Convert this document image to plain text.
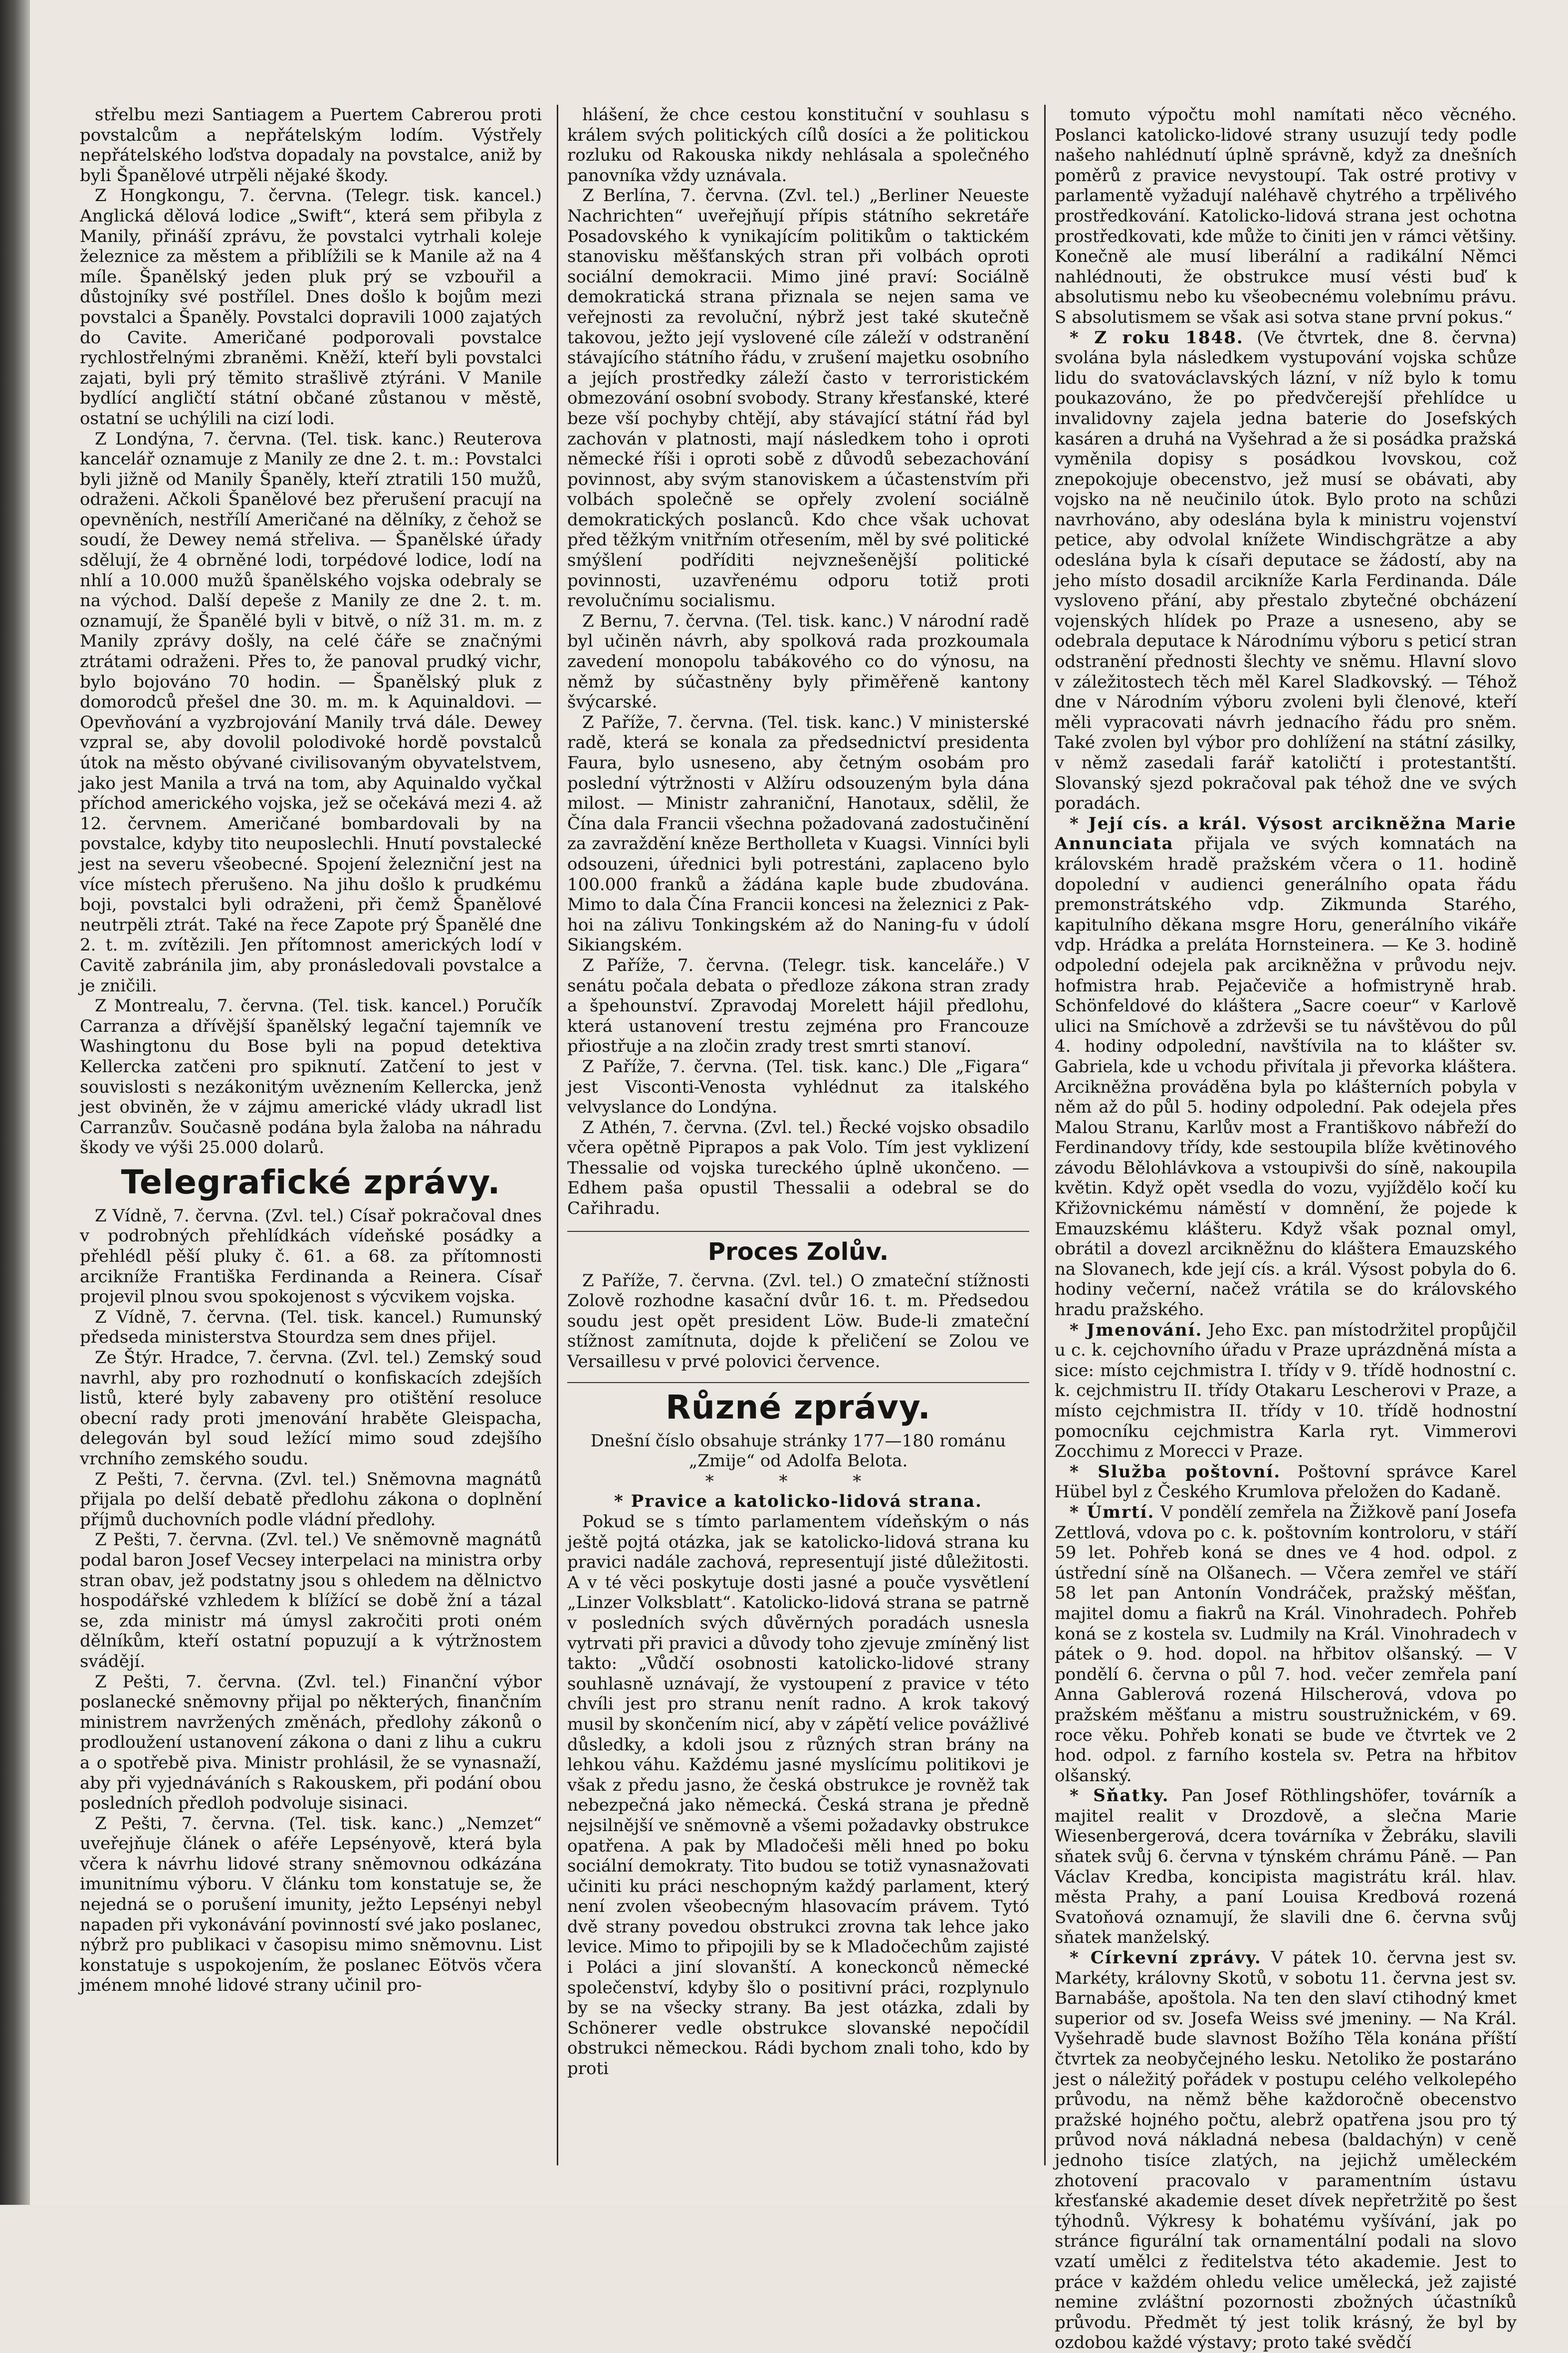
střelbu mezi Santiagem a Puertem Cabrerou proti povstalcům a nepřátelským lodím. Výstřely nepřátelského loďstva dopadaly na povstalce, aniž by byli Španělové utrpěli nějaké škody.

Z Hongkongu, 7. června. (Telegr. tisk. kancel.) Anglická dělová lodice „Swift“, která sem přibyla z Manily, přináší zprávu, že povstalci vytrhali koleje železnice za městem a přiblížili se k Manile až na 4 míle. Španělský jeden pluk prý se vzbouřil a důstojníky své postřílel. Dnes došlo k bojům mezi povstalci a Španěly. Povstalci dopravili 1000 zajatých do Cavite. Američané podporovali povstalce rychlostřelnými zbraněmi. Kněží, kteří byli povstalci zajati, byli prý těmito strašlivě ztýráni. V Manile bydlící angličtí státní občané zůstanou v městě, ostatní se uchýlili na cizí lodi.

Z Londýna, 7. června. (Tel. tisk. kanc.) Reuterova kancelář oznamuje z Manily ze dne 2. t. m.: Povstalci byli jižně od Manily Španěly, kteří ztratili 150 mužů, odraženi. Ačkoli Španělové bez přerušení pracují na opevněních, nestřílí Američané na dělníky, z čehož se soudí, že Dewey nemá střeliva. — Španělské úřady sdělují, že 4 obrněné lodi, torpédové lodice, lodí na nhlí a 10.000 mužů španělského vojska odebraly se na východ. Další depeše z Manily ze dne 2. t. m. oznamují, že Španělé byli v bitvě, o níž 31. m. m. z Manily zprávy došly, na celé čáře se značnými ztrátami odraženi. Přes to, že panoval prudký vichr, bylo bojováno 70 hodin. — Španělský pluk z domorodců přešel dne 30. m. m. k Aquinaldovi. — Opevňování a vyzbrojování Manily trvá dále. Dewey vzpral se, aby dovolil polodivoké hordě povstalců útok na město obývané civilisovaným obyvatelstvem, jako jest Manila a trvá na tom, aby Aquinaldo vyčkal příchod amerického vojska, jež se očekává mezi 4. až 12. červnem. Američané bombardovali by na povstalce, kdyby tito neuposlechli. Hnutí povstalecké jest na severu všeobecné. Spojení železniční jest na více místech přerušeno. Na jihu došlo k prudkému boji, povstalci byli odraženi, při čemž Španělové neutrpěli ztrát. Také na řece Zapote prý Španělé dne 2. t. m. zvítězili. Jen přítomnost amerických lodí v Cavitě zabránila jim, aby pronásledovali povstalce a je zničili.

Z Montrealu, 7. června. (Tel. tisk. kancel.) Poručík Carranza a dřívější španělský legační tajemník ve Washingtonu du Bose byli na popud detektiva Kellercka zatčeni pro spiknutí. Zatčení to jest v souvislosti s nezákonitým uvěznením Kellercka, jenž jest obviněn, že v zájmu americké vlády ukradl list Carranzův. Současně podána byla žaloba na náhradu škody ve výši 25.000 dolarů.

Telegrafické zprávy.

Z Vídně, 7. června. (Zvl. tel.) Císař pokračoval dnes v podrobných přehlídkách vídeňské posádky a přehlédl pěší pluky č. 61. a 68. za přítomnosti arcikníže Františka Ferdinanda a Reinera. Císař projevil plnou svou spokojenost s výcvikem vojska.

Z Vídně, 7. června. (Tel. tisk. kancel.) Rumunský předseda ministerstva Stourdza sem dnes přijel.

Ze Štýr. Hradce, 7. června. (Zvl. tel.) Zemský soud navrhl, aby pro rozhodnutí o konfiskacích zdejších listů, které byly zabaveny pro otištění resoluce obecní rady proti jmenování hraběte Gleispacha, delegován byl soud ležící mimo soud zdejšího vrchního zemského soudu.

Z Pešti, 7. června. (Zvl. tel.) Sněmovna magnátů přijala po delší debatě předlohu zákona o doplnění příjmů duchovních podle vládní předlohy.

Z Pešti, 7. června. (Zvl. tel.) Ve sněmovně magnátů podal baron Josef Vecsey interpelaci na ministra orby stran obav, jež podstatny jsou s ohledem na dělnictvo hospodářské vzhledem k blížící se době žní a tázal se, zda ministr má úmysl zakročiti proti oném dělníkům, kteří ostatní popuzují a k výtržnostem svádějí.

Z Pešti, 7. června. (Zvl. tel.) Finanční výbor poslanecké sněmovny přijal po některých, finančním ministrem navržených změnách, předlohy zákonů o prodloužení ustanovení zákona o dani z lihu a cukru a o spotřebě piva. Ministr prohlásil, že se vynasnaží, aby při vyjednáváních s Rakouskem, při podání obou posledních předloh podvoluje sisinaci.

Z Pešti, 7. června. (Tel. tisk. kanc.) „Nemzet“ uveřejňuje článek o aféře Lepsényově, která byla včera k návrhu lidové strany sněmovnou odkázána imunitnímu výboru. V článku tom konstatuje se, že nejedná se o porušení imunity, ježto Lepsényi nebyl napaden při vykonávání povinností své jako poslanec, nýbrž pro publikaci v časopisu mimo sněmovnu. List konstatuje s uspokojením, že poslanec Eötvös včera jménem mnohé lidové strany učinil pro-

hlášení, že chce cestou konstituční v souhlasu s králem svých politických cílů dosíci a že politickou rozluku od Rakouska nikdy nehlásala a společného panovníka vždy uznávala.

Z Berlína, 7. června. (Zvl. tel.) „Berliner Neueste Nachrichten“ uveřejňují přípis státního sekretáře Posadovského k vynikajícím politikům o taktickém stanovisku měšťanských stran při volbách oproti sociální demokracii. Mimo jiné praví: Sociálně demokratická strana přiznala se nejen sama ve veřejnosti za revoluční, nýbrž jest také skutečně takovou, ježto její vyslovené cíle záleží v odstranění stávajícího státního řádu, v zrušení majetku osobního a jejích prostředky záleží často v terroristickém obmezování osobní svobody. Strany křesťanské, které beze vší pochyby chtějí, aby stávající státní řád byl zachován v platnosti, mají následkem toho i oproti německé říši i oproti sobě z důvodů sebezachování povinnost, aby svým stanoviskem a účastenstvím při volbách společně se opřely zvolení sociálně demokratických poslanců. Kdo chce však uchovat před těžkým vnitřním otřesením, měl by své politické smýšlení podříditi nejvznešenější politické povinnosti, uzavřenému odporu totiž proti revolučnímu socialismu.

Z Bernu, 7. června. (Tel. tisk. kanc.) V národní radě byl učiněn návrh, aby spolková rada prozkoumala zavedení monopolu tabákového co do výnosu, na němž by súčastněny byly přiměřeně kantony švýcarské.

Z Paříže, 7. června. (Tel. tisk. kanc.) V ministerské radě, která se konala za předsednictví presidenta Faura, bylo usneseno, aby četným osobám pro poslední výtržnosti v Alžíru odsouzeným byla dána milost. — Ministr zahraniční, Hanotaux, sdělil, že Čína dala Francii všechna požadovaná zadostučinění za zavraždění kněze Bertholleta v Kuagsi. Vinníci byli odsouzeni, úřednici byli potrestáni, zaplaceno bylo 100.000 franků a žádána kaple bude zbudována. Mimo to dala Čína Francii koncesi na železnici z Pak-hoi na zálivu Tonkingském až do Naning-fu v údolí Sikiangském.

Z Paříže, 7. června. (Telegr. tisk. kanceláře.) V senátu počala debata o předloze zákona stran zrady a špehounství. Zpravodaj Morelett hájil předlohu, která ustanovení trestu zejména pro Francouze přiostřuje a na zločin zrady trest smrti stanoví.

Z Paříže, 7. června. (Tel. tisk. kanc.) Dle „Figara“ jest Visconti-Venosta vyhlédnut za italského velvyslance do Londýna.

Z Athén, 7. června. (Zvl. tel.) Řecké vojsko obsadilo včera opětně Piprapos a pak Volo. Tím jest vyklizení Thessalie od vojska tureckého úplně ukončeno. — Edhem paša opustil Thessalii a odebral se do Cařihradu.

Proces Zolův.

Z Paříže, 7. června. (Zvl. tel.) O zmateční stížnosti Zolově rozhodne kasační dvůr 16. t. m. Předsedou soudu jest opět president Löw. Bude-li zmateční stížnost zamítnuta, dojde k přeličení se Zolou ve Versaillesu v prvé polovici července.

Různé zprávy.

Dnešní číslo obsahuje stránky 177—180 románu „Zmije“ od Adolfa Belota.

* * *

* Pravice a katolicko-lidová strana.

Pokud se s tímto parlamentem vídeňským o nás ještě pojtá otázka, jak se katolicko-lidová strana ku pravici nadále zachová, representují jisté důležitosti. A v té věci poskytuje dosti jasné a pouče vysvětlení „Linzer Volksblatt“. Katolicko-lidová strana se patrně v posledních svých důvěrných poradách usnesla vytrvati při pravici a důvody toho zjevuje zmíněný list takto: „Vůdčí osobnosti katolicko-lidové strany souhlasně uznávají, že vystoupení z pravice v této chvíli jest pro stranu nenít radno. A krok takový musil by skončením nicí, aby v zápětí velice povážlivé důsledky, a kdoli jsou z různých stran brány na lehkou váhu. Každému jasné myslícímu politikovi je však z předu jasno, že česká obstrukce je rovněž tak nebezpečná jako německá. Česká strana je předně nejsilnější ve sněmovně a všemi požadavky obstrukce opatřena. A pak by Mladočeši měli hned po boku sociální demokraty. Tito budou se totiž vynasnažovati učiniti ku práci neschopným každý parlament, který není zvolen všeobecným hlasovacím právem. Tytó dvě strany povedou obstrukci zrovna tak lehce jako levice. Mimo to připojili by se k Mladočechům zajisté i Poláci a jiní slovanští. A koneckonců německé společenství, kdyby šlo o positivní práci, rozplynulo by se na všecky strany. Ba jest otázka, zdali by Schönerer vedle obstrukce slovanské nepočídil obstrukci německou. Rádi bychom znali toho, kdo by proti

tomuto výpočtu mohl namítati něco věcného. Poslanci katolicko-lidové strany usuzují tedy podle našeho nahlédnutí úplně správně, když za dnešních poměrů z pravice nevystoupí. Tak ostré protivy v parlamentě vyžadují naléhavě chytrého a trpělivého prostředkování. Katolicko-lidová strana jest ochotna prostředkovati, kde může to činiti jen v rámci většiny. Konečně ale musí liberální a radikální Němci nahlédnouti, že obstrukce musí vésti buď k absolutismu nebo ku všeobecnému volebnímu právu. S absolutismem se však asi sotva stane první pokus.“

* Z roku 1848. (Ve čtvrtek, dne 8. června) svolána byla následkem vystupování vojska schůze lidu do svatováclavských lázní, v níž bylo k tomu poukazováno, že po předvčerejší přehlídce u invalidovny zajela jedna baterie do Josefských kasáren a druhá na Vyšehrad a že si posádka pražská vyměnila dopisy s posádkou lvovskou, což znepokojuje obecenstvo, jež musí se obávati, aby vojsko na ně neučinilo útok. Bylo proto na schůzi navrhováno, aby odeslána byla k ministru vojenství petice, aby odvolal knížete Windischgrätze a aby odeslána byla k císaři deputace se žádostí, aby na jeho místo dosadil arcikníže Karla Ferdinanda. Dále vysloveno přání, aby přestalo zbytečné obcházení vojenských hlídek po Praze a usneseno, aby se odebrala deputace k Národnímu výboru s peticí stran odstranění přednosti šlechty ve sněmu. Hlavní slovo v záležitostech těch měl Karel Sladkovský. — Téhož dne v Národním výboru zvoleni byli členové, kteří měli vypracovati návrh jednacího řádu pro sněm. Také zvolen byl výbor pro dohlížení na státní zásilky, v němž zasedali farář katoličtí i protestantští. Slovanský sjezd pokračoval pak téhož dne ve svých poradách.

* Její cís. a král. Výsost arcikněžna Marie Annunciata přijala ve svých komnatách na královském hradě pražském včera o 11. hodině dopolední v audienci generálního opata řádu premonstrátského vdp. Zikmunda Starého, kapitulního děkana msgre Horu, generálního vikáře vdp. Hrádka a preláta Hornsteinera. — Ke 3. hodině odpolední odejela pak arcikněžna v průvodu nejv. hofmistra hrab. Pejačeviče a hofmistryně hrab. Schönfeldové do kláštera „Sacre coeur“ v Karlově ulici na Smíchově a zdrževši se tu návštěvou do půl 4. hodiny odpolední, navštívila na to klášter sv. Gabriela, kde u vchodu přivítala ji převorka kláštera. Arcikněžna prováděna byla po klášterních pobyla v něm až do půl 5. hodiny odpolední. Pak odejela přes Malou Stranu, Karlův most a Františkovo nábřeží do Ferdinandovy třídy, kde sestoupila blíže květinového závodu Bělohlávkova a vstoupivši do síně, nakoupila květin. Když opět vsedla do vozu, vyjíždělo kočí ku Křižovnickému náměstí v domnění, že pojede k Emauzskému klášteru. Když však poznal omyl, obrátil a dovezl arcikněžnu do kláštera Emauzského na Slovanech, kde její cís. a král. Výsost pobyla do 6. hodiny večerní, načež vrátila se do královského hradu pražského.

* Jmenování. Jeho Exc. pan místodržitel propůjčil u c. k. cejchovního úřadu v Praze uprázdněná místa a sice: místo cejchmistra I. třídy v 9. třídě hodnostní c. k. cejchmistru II. třídy Otakaru Lescherovi v Praze, a místo cejchmistra II. třídy v 10. třídě hodnostní pomocníku cejchmistra Karla ryt. Vimmerovi Zocchimu z Morecci v Praze.

* Služba poštovní. Poštovní správce Karel Hübel byl z Českého Krumlova přeložen do Kadaně.

* Úmrtí. V pondělí zemřela na Žižkově paní Josefa Zettlová, vdova po c. k. poštovním kontroloru, v stáří 59 let. Pohřeb koná se dnes ve 4 hod. odpol. z ústřední síně na Olšanech. — Včera zemřel ve stáří 58 let pan Antonín Vondráček, pražský měšťan, majitel domu a fiakrů na Král. Vinohradech. Pohřeb koná se z kostela sv. Ludmily na Král. Vinohradech v pátek o 9. hod. dopol. na hřbitov olšanský. — V pondělí 6. června o půl 7. hod. večer zemřela paní Anna Gablerová rozená Hilscherová, vdova po pražském měšťanu a mistru soustružnickém, v 69. roce věku. Pohřeb konati se bude ve čtvrtek ve 2 hod. odpol. z farního kostela sv. Petra na hřbitov olšanský.

* Sňatky. Pan Josef Röthlingshöfer, továrník a majitel realit v Drozdově, a slečna Marie Wiesenbergerová, dcera továrníka v Žebráku, slavili sňatek svůj 6. června v týnském chrámu Páně. — Pan Václav Kredba, koncipista magistrátu král. hlav. města Prahy, a paní Louisa Kredbová rozená Svatoňová oznamují, že slavili dne 6. června svůj sňatek manželský.

* Církevní zprávy. V pátek 10. června jest sv. Markéty, královny Skotů, v sobotu 11. června jest sv. Barnabáše, apoštola. Na ten den slaví ctihodný kmet superior od sv. Josefa Weiss své jmeniny. — Na Král. Vyšehradě bude slavnost Božího Těla konána příští čtvrtek za neobyčejného lesku. Netoliko že postaráno jest o náležitý pořádek v postupu celého velkolepého průvodu, na němž běhe každoročně obecenstvo pražské hojného počtu, alebrž opatřena jsou pro tý průvod nová nákladná nebesa (baldachýn) v ceně jednoho tisíce zlatých, na jejichž uměleckém zhotovení pracovalo v paramentním ústavu křesťanské akademie deset dívek nepřetržitě po šest týhodnů. Výkresy k bohatému vyšívání, jak po stránce figurální tak ornamentální podali na slovo vzatí umělci z ředitelstva této akademie. Jest to práce v každém ohledu velice umělecká, jež zajisté nemine zvláštní pozornosti zbožných účastníků průvodu. Předmět tý jest tolik krásný, že byl by ozdobou každé výstavy; proto také svědčí
